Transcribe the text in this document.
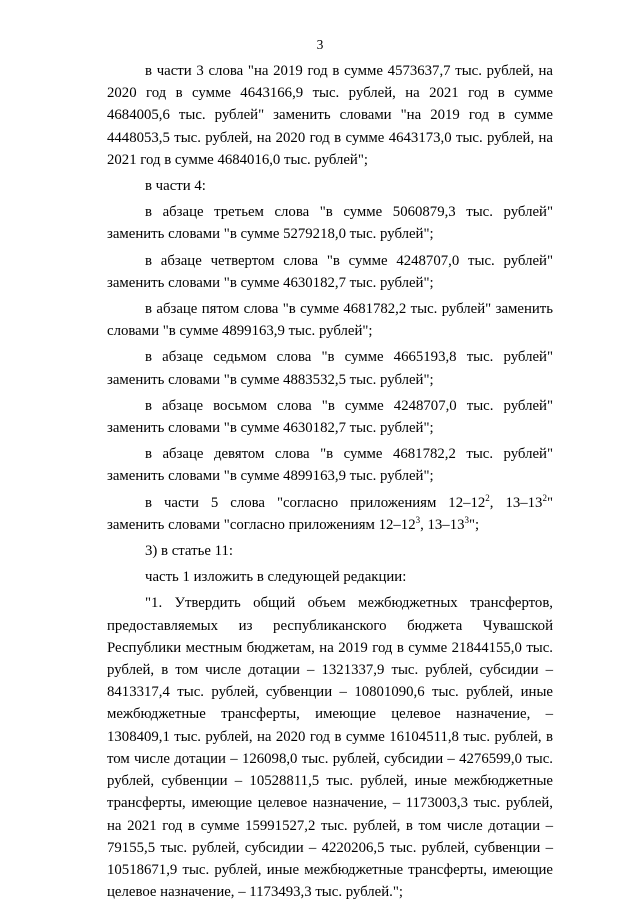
3

в части 3 слова "на 2019 год в сумме 4573637,7 тыс. рублей, на 2020 год в сумме 4643166,9 тыс. рублей, на 2021 год в сумме 4684005,6 тыс. рублей" заменить словами "на 2019 год в сумме 4448053,5 тыс. рублей, на 2020 год в сумме 4643173,0 тыс. рублей, на 2021 год в сумме 4684016,0 тыс. рублей";

в части 4:

в абзаце третьем слова "в сумме 5060879,3 тыс. рублей" заменить словами "в сумме 5279218,0 тыс. рублей";

в абзаце четвертом слова "в сумме 4248707,0 тыс. рублей" заменить словами "в сумме 4630182,7 тыс. рублей";

в абзаце пятом слова "в сумме 4681782,2 тыс. рублей" заменить словами "в сумме 4899163,9 тыс. рублей";

в абзаце седьмом слова "в сумме 4665193,8 тыс. рублей" заменить словами "в сумме 4883532,5 тыс. рублей";

в абзаце восьмом слова "в сумме 4248707,0 тыс. рублей" заменить словами "в сумме 4630182,7 тыс. рублей";

в абзаце девятом слова "в сумме 4681782,2 тыс. рублей" заменить словами "в сумме 4899163,9 тыс. рублей";

в части 5 слова "согласно приложениям $12-12^2$, $13-13^2$" заменить словами "согласно приложениям $12-12^3$, $13-13^3$";

3) в статье 11:

часть 1 изложить в следующей редакции:

"1. Утвердить общий объем межбюджетных трансфертов, предоставляемых из республиканского бюджета Чувашской Республики местным бюджетам, на 2019 год в сумме 21844155,0 тыс. рублей, в том числе дотации – 1321337,9 тыс. рублей, субсидии – 8413317,4 тыс. рублей, субвенции – 10801090,6 тыс. рублей, иные межбюджетные трансферты, имеющие целевое назначение, – 1308409,1 тыс. рублей, на 2020 год в сумме 16104511,8 тыс. рублей, в том числе дотации – 126098,0 тыс. рублей, субсидии – 4276599,0 тыс. рублей, субвенции – 10528811,5 тыс. рублей, иные межбюджетные трансферты, имеющие целевое назначение, – 1173003,3 тыс. рублей, на 2021 год в сумме 15991527,2 тыс. рублей, в том числе дотации – 79155,5 тыс. рублей, субсидии – 4220206,5 тыс. рублей, субвенции – 10518671,9 тыс. рублей, иные межбюджетные трансферты, имеющие целевое назначение, – 1173493,3 тыс. рублей.";
